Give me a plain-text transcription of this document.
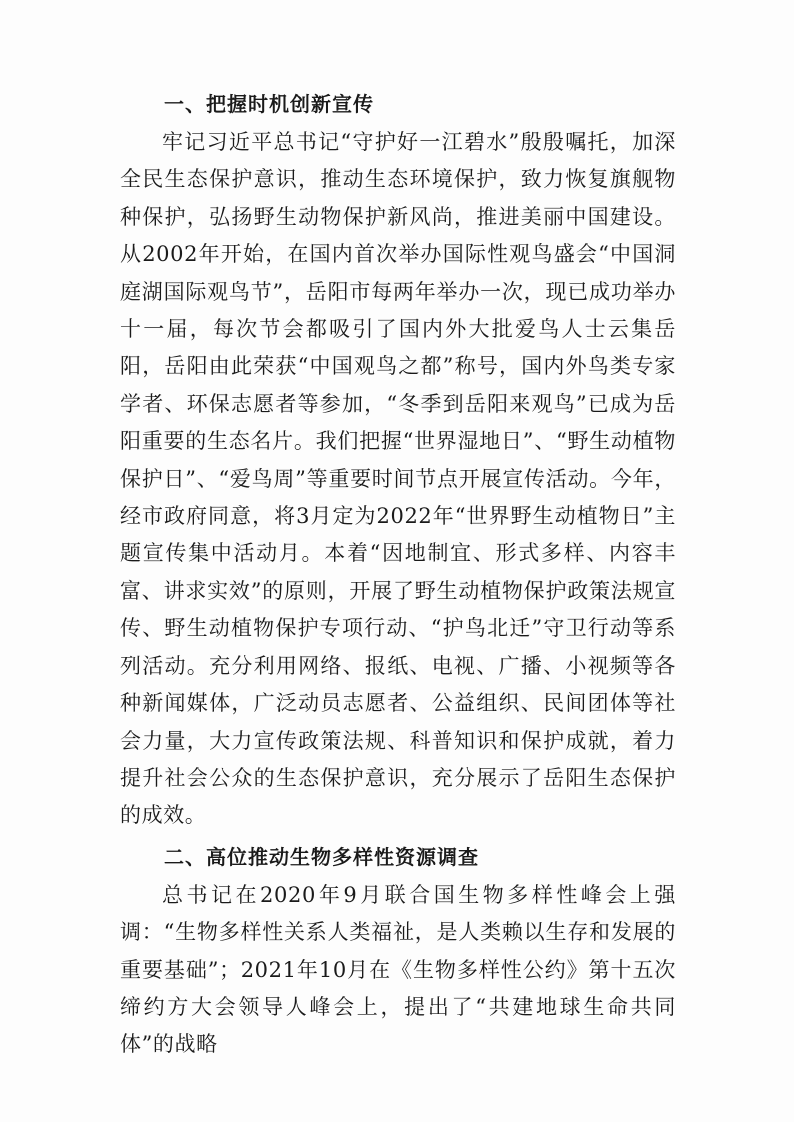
一、把握时机创新宣传

牢记习近平总书记“守护好一江碧水”殷殷嘱托，加深全民生态保护意识，推动生态环境保护，致力恢复旗舰物种保护，弘扬野生动物保护新风尚，推进美丽中国建设。从2002年开始，在国内首次举办国际性观鸟盛会“中国洞庭湖国际观鸟节”，岳阳市每两年举办一次，现已成功举办十一届，每次节会都吸引了国内外大批爱鸟人士云集岳阳，岳阳由此荣获“中国观鸟之都”称号，国内外鸟类专家学者、环保志愿者等参加，“冬季到岳阳来观鸟”已成为岳阳重要的生态名片。我们把握“世界湿地日”、“野生动植物保护日”、“爱鸟周”等重要时间节点开展宣传活动。今年，经市政府同意，将3月定为2022年“世界野生动植物日”主题宣传集中活动月。本着“因地制宜、形式多样、内容丰富、讲求实效”的原则，开展了野生动植物保护政策法规宣传、野生动植物保护专项行动、“护鸟北迁”守卫行动等系列活动。充分利用网络、报纸、电视、广播、小视频等各种新闻媒体，广泛动员志愿者、公益组织、民间团体等社会力量，大力宣传政策法规、科普知识和保护成就，着力提升社会公众的生态保护意识，充分展示了岳阳生态保护的成效。

二、高位推动生物多样性资源调查

总书记在2020年9月联合国生物多样性峰会上强调：“生物多样性关系人类福祉，是人类赖以生存和发展的重要基础”；2021年10月在《生物多样性公约》第十五次缔约方大会领导人峰会上，提出了“共建地球生命共同体”的战略
